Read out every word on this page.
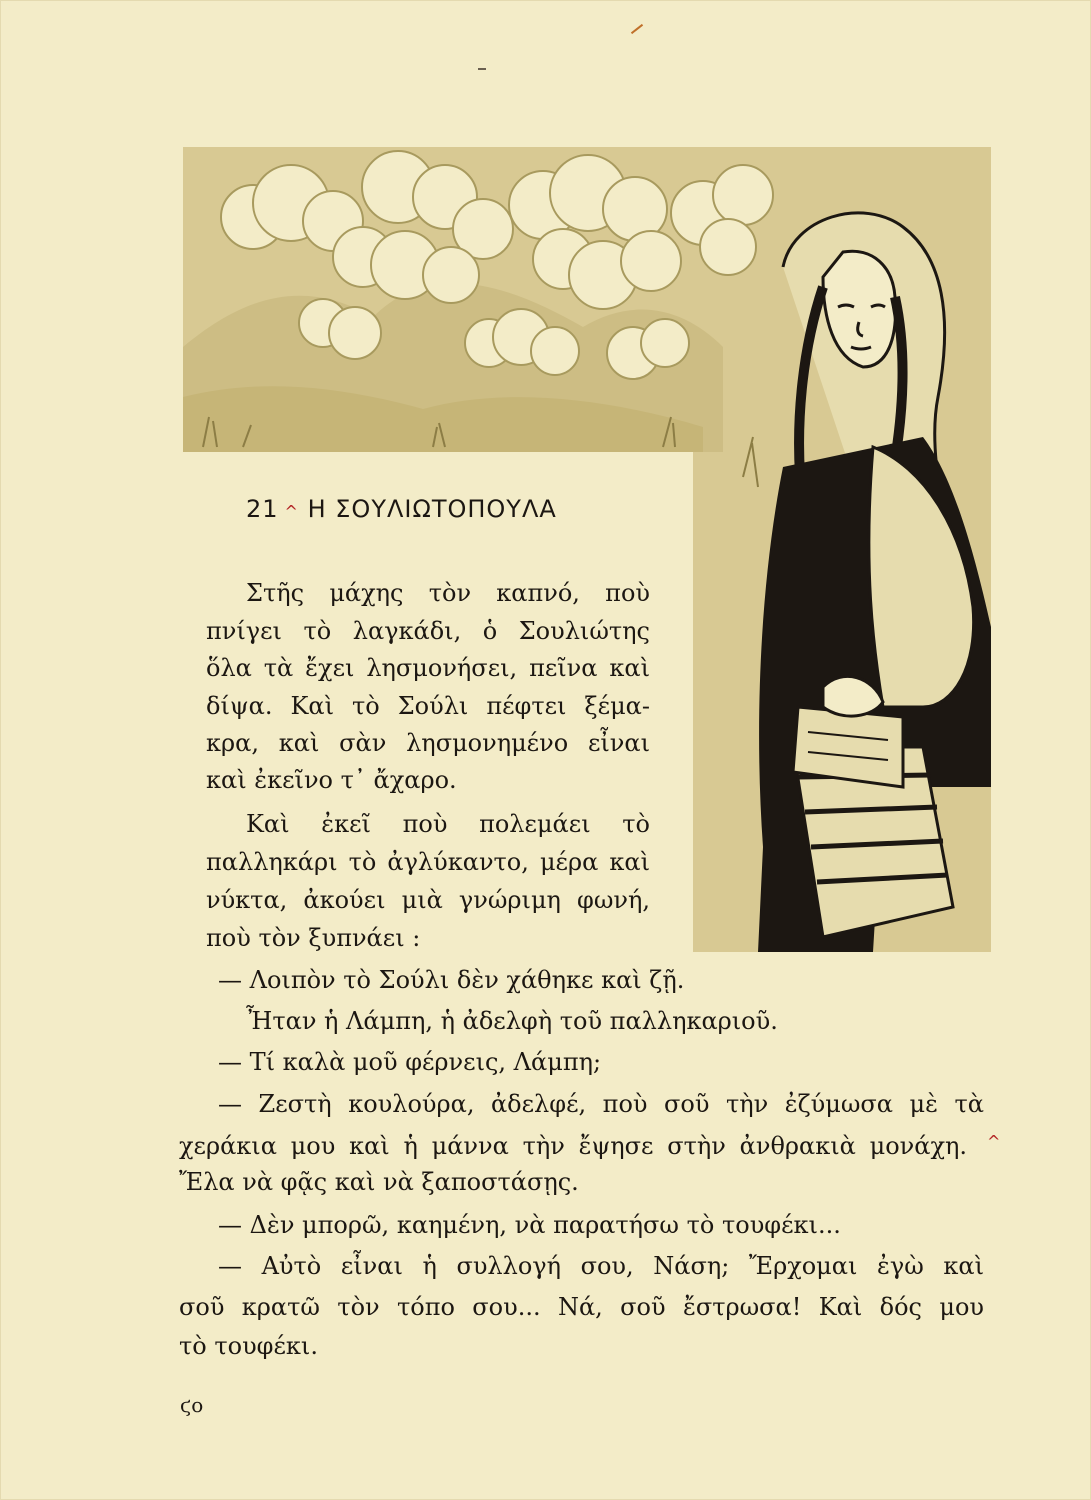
21 ^ Η ΣΟΥΛΙΩΤΟΠΟΥΛΑ
Στῆς μάχης τὸν καπνό, ποὺ
πνίγει τὸ λαγκάδι, ὁ Σουλιώτης
ὅλα τὰ ἔχει λησμονήσει, πεῖνα καὶ
δίψα. Καὶ τὸ Σούλι πέφτει ξέμα-
κρα, καὶ σὰν λησμονημένο εἶναι
καὶ ἐκεῖνο τ᾿ ἄχαρο.
Καὶ ἐκεῖ ποὺ πολεμάει τὸ
παλληκάρι τὸ ἀγλύκαντο, μέρα καὶ
νύκτα, ἀκούει μιὰ γνώριμη φωνή,
ποὺ τὸν ξυπνάει :
— Λοιπὸν τὸ Σούλι δὲν χάθηκε καὶ ζῇ.
Ἦταν ἡ Λάμπη, ἡ ἀδελφὴ τοῦ παλληκαριοῦ.
— Τί καλὰ μοῦ φέρνεις, Λάμπη;
— Ζεστὴ κουλούρα, ἀδελφέ, ποὺ σοῦ τὴν ἐζύμωσα μὲ τὰ
χεράκια μου καὶ ἡ μάννα τὴν ἔψησε στὴν ἀνθρακιὰ μονάχη. ^
Ἔλα νὰ φᾷς καὶ νὰ ξαποστάσῃς.
— Δὲν μπορῶ, καημένη, νὰ παρατήσω τὸ τουφέκι...
— Αὐτὸ εἶναι ἡ συλλογή σου, Νάση; Ἔρχομαι ἐγὼ καὶ
σοῦ κρατῶ τὸν τόπο σου... Νά, σοῦ ἔστρωσα! Καὶ δός μου
τὸ τουφέκι.
ϛο
